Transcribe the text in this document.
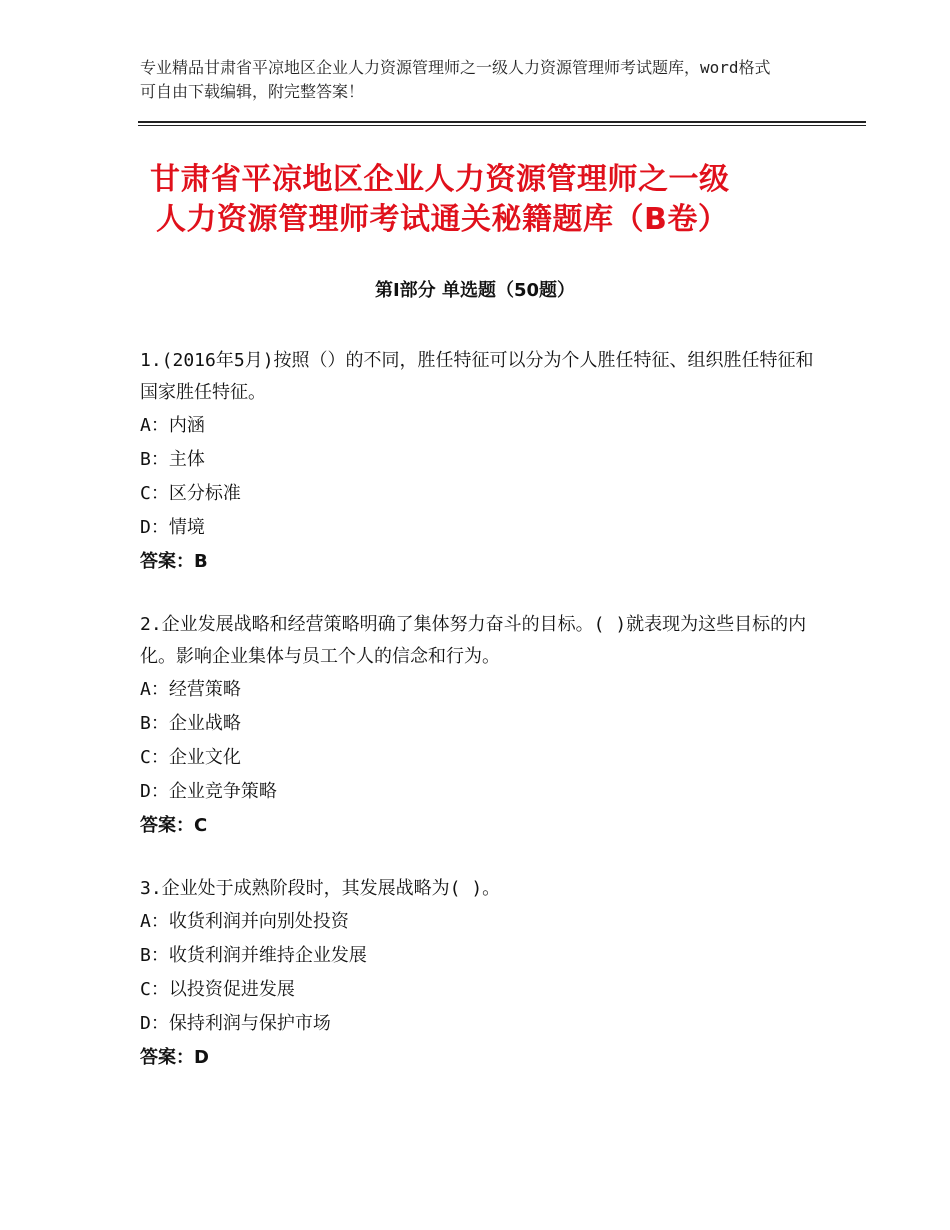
专业精品甘肃省平凉地区企业人力资源管理师之一级人力资源管理师考试题库，word格式可自由下载编辑，附完整答案！
甘肃省平凉地区企业人力资源管理师之一级
人力资源管理师考试通关秘籍题库（B卷）
第Ⅰ部分 单选题（50题）
1.(2016年5月)按照（）的不同，胜任特征可以分为个人胜任特征、组织胜任特征和国家胜任特征。
A：内涵
B：主体
C：区分标准
D：情境
答案：B
2.企业发展战略和经营策略明确了集体努力奋斗的目标。( )就表现为这些目标的内化。影响企业集体与员工个人的信念和行为。
A：经营策略
B：企业战略
C：企业文化
D：企业竞争策略
答案：C
3.企业处于成熟阶段时，其发展战略为( )。
A：收货利润并向别处投资
B：收货利润并维持企业发展
C：以投资促进发展
D：保持利润与保护市场
答案：D
